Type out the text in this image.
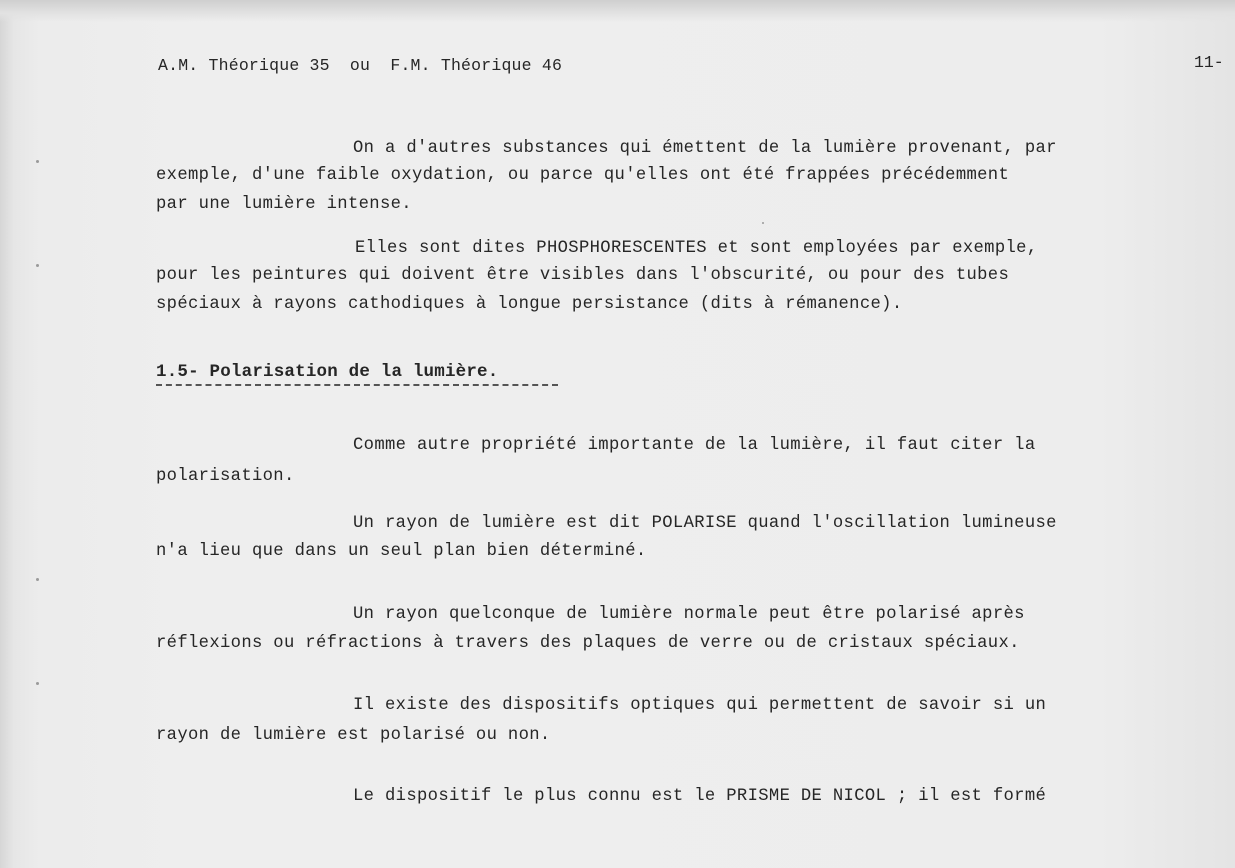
A.M. Théorique 35  ou  F.M. Théorique 46	11-
On a d'autres substances qui émettent de la lumière provenant, par
exemple, d'une faible oxydation, ou parce qu'elles ont été frappées précédemment
par une lumière intense.
Elles sont dites PHOSPHORESCENTES et sont employées par exemple,
pour les peintures qui doivent être visibles dans l'obscurité, ou pour des tubes
spéciaux à rayons cathodiques à longue persistance (dits à rémanence).
1.5- Polarisation de la lumière.
Comme autre propriété importante de la lumière, il faut citer la
polarisation.
Un rayon de lumière est dit POLARISE quand l'oscillation lumineuse
n'a lieu que dans un seul plan bien déterminé.
Un rayon quelconque de lumière normale peut être polarisé après
réflexions ou réfractions à travers des plaques de verre ou de cristaux spéciaux.
Il existe des dispositifs optiques qui permettent de savoir si un
rayon de lumière est polarisé ou non.
Le dispositif le plus connu est le PRISME DE NICOL ; il est formé
